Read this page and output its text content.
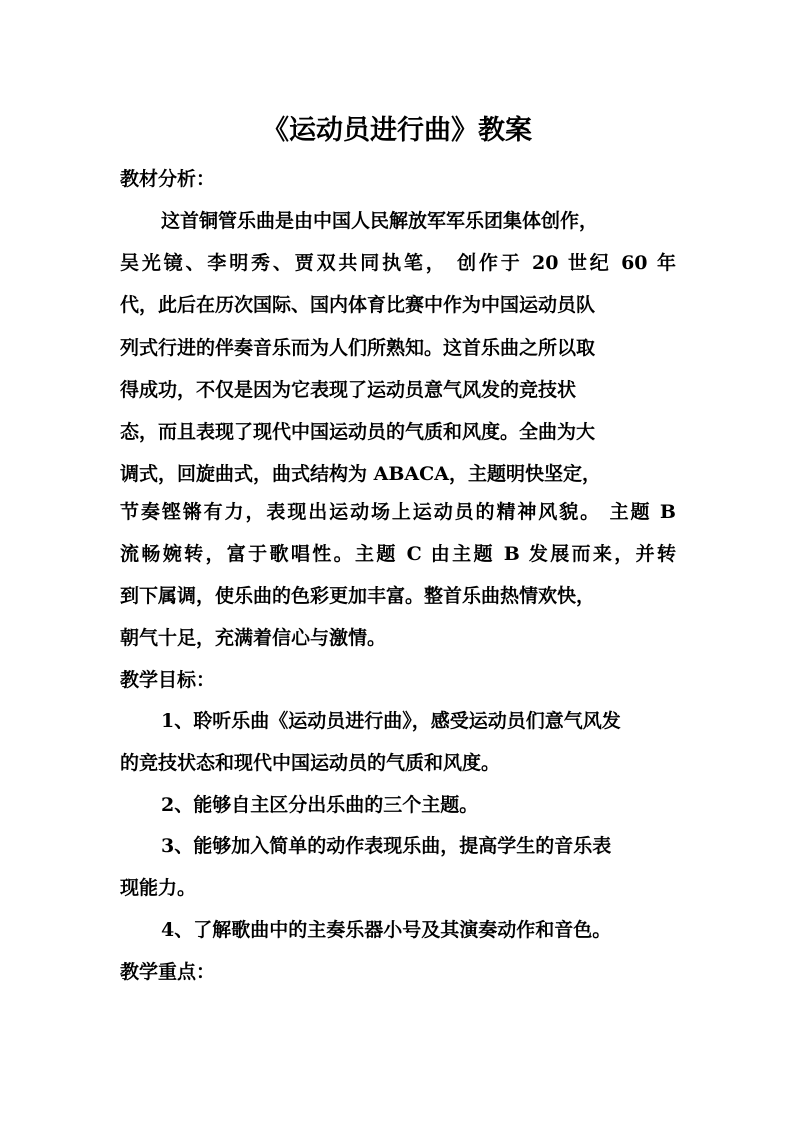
《运动员进行曲》教案
教材分析：
这首铜管乐曲是由中国人民解放军军乐团集体创作，
吴光镜、李明秀、贾双共同执笔， 创作于 20 世纪 60 年
代，此后在历次国际、国内体育比赛中作为中国运动员队
列式行进的伴奏音乐而为人们所熟知。这首乐曲之所以取
得成功，不仅是因为它表现了运动员意气风发的竞技状
态，而且表现了现代中国运动员的气质和风度。全曲为大
调式，回旋曲式，曲式结构为 ABACA，主题明快坚定，
节奏铿锵有力，表现出运动场上运动员的精神风貌。 主题 B
流畅婉转，富于歌唱性。主题 C 由主题 B 发展而来，并转
到下属调，使乐曲的色彩更加丰富。整首乐曲热情欢快，
朝气十足，充满着信心与激情。
教学目标：
1、聆听乐曲《运动员进行曲》，感受运动员们意气风发
的竞技状态和现代中国运动员的气质和风度。
2、能够自主区分出乐曲的三个主题。
3、能够加入简单的动作表现乐曲，提高学生的音乐表
现能力。
4、了解歌曲中的主奏乐器小号及其演奏动作和音色。
教学重点：
